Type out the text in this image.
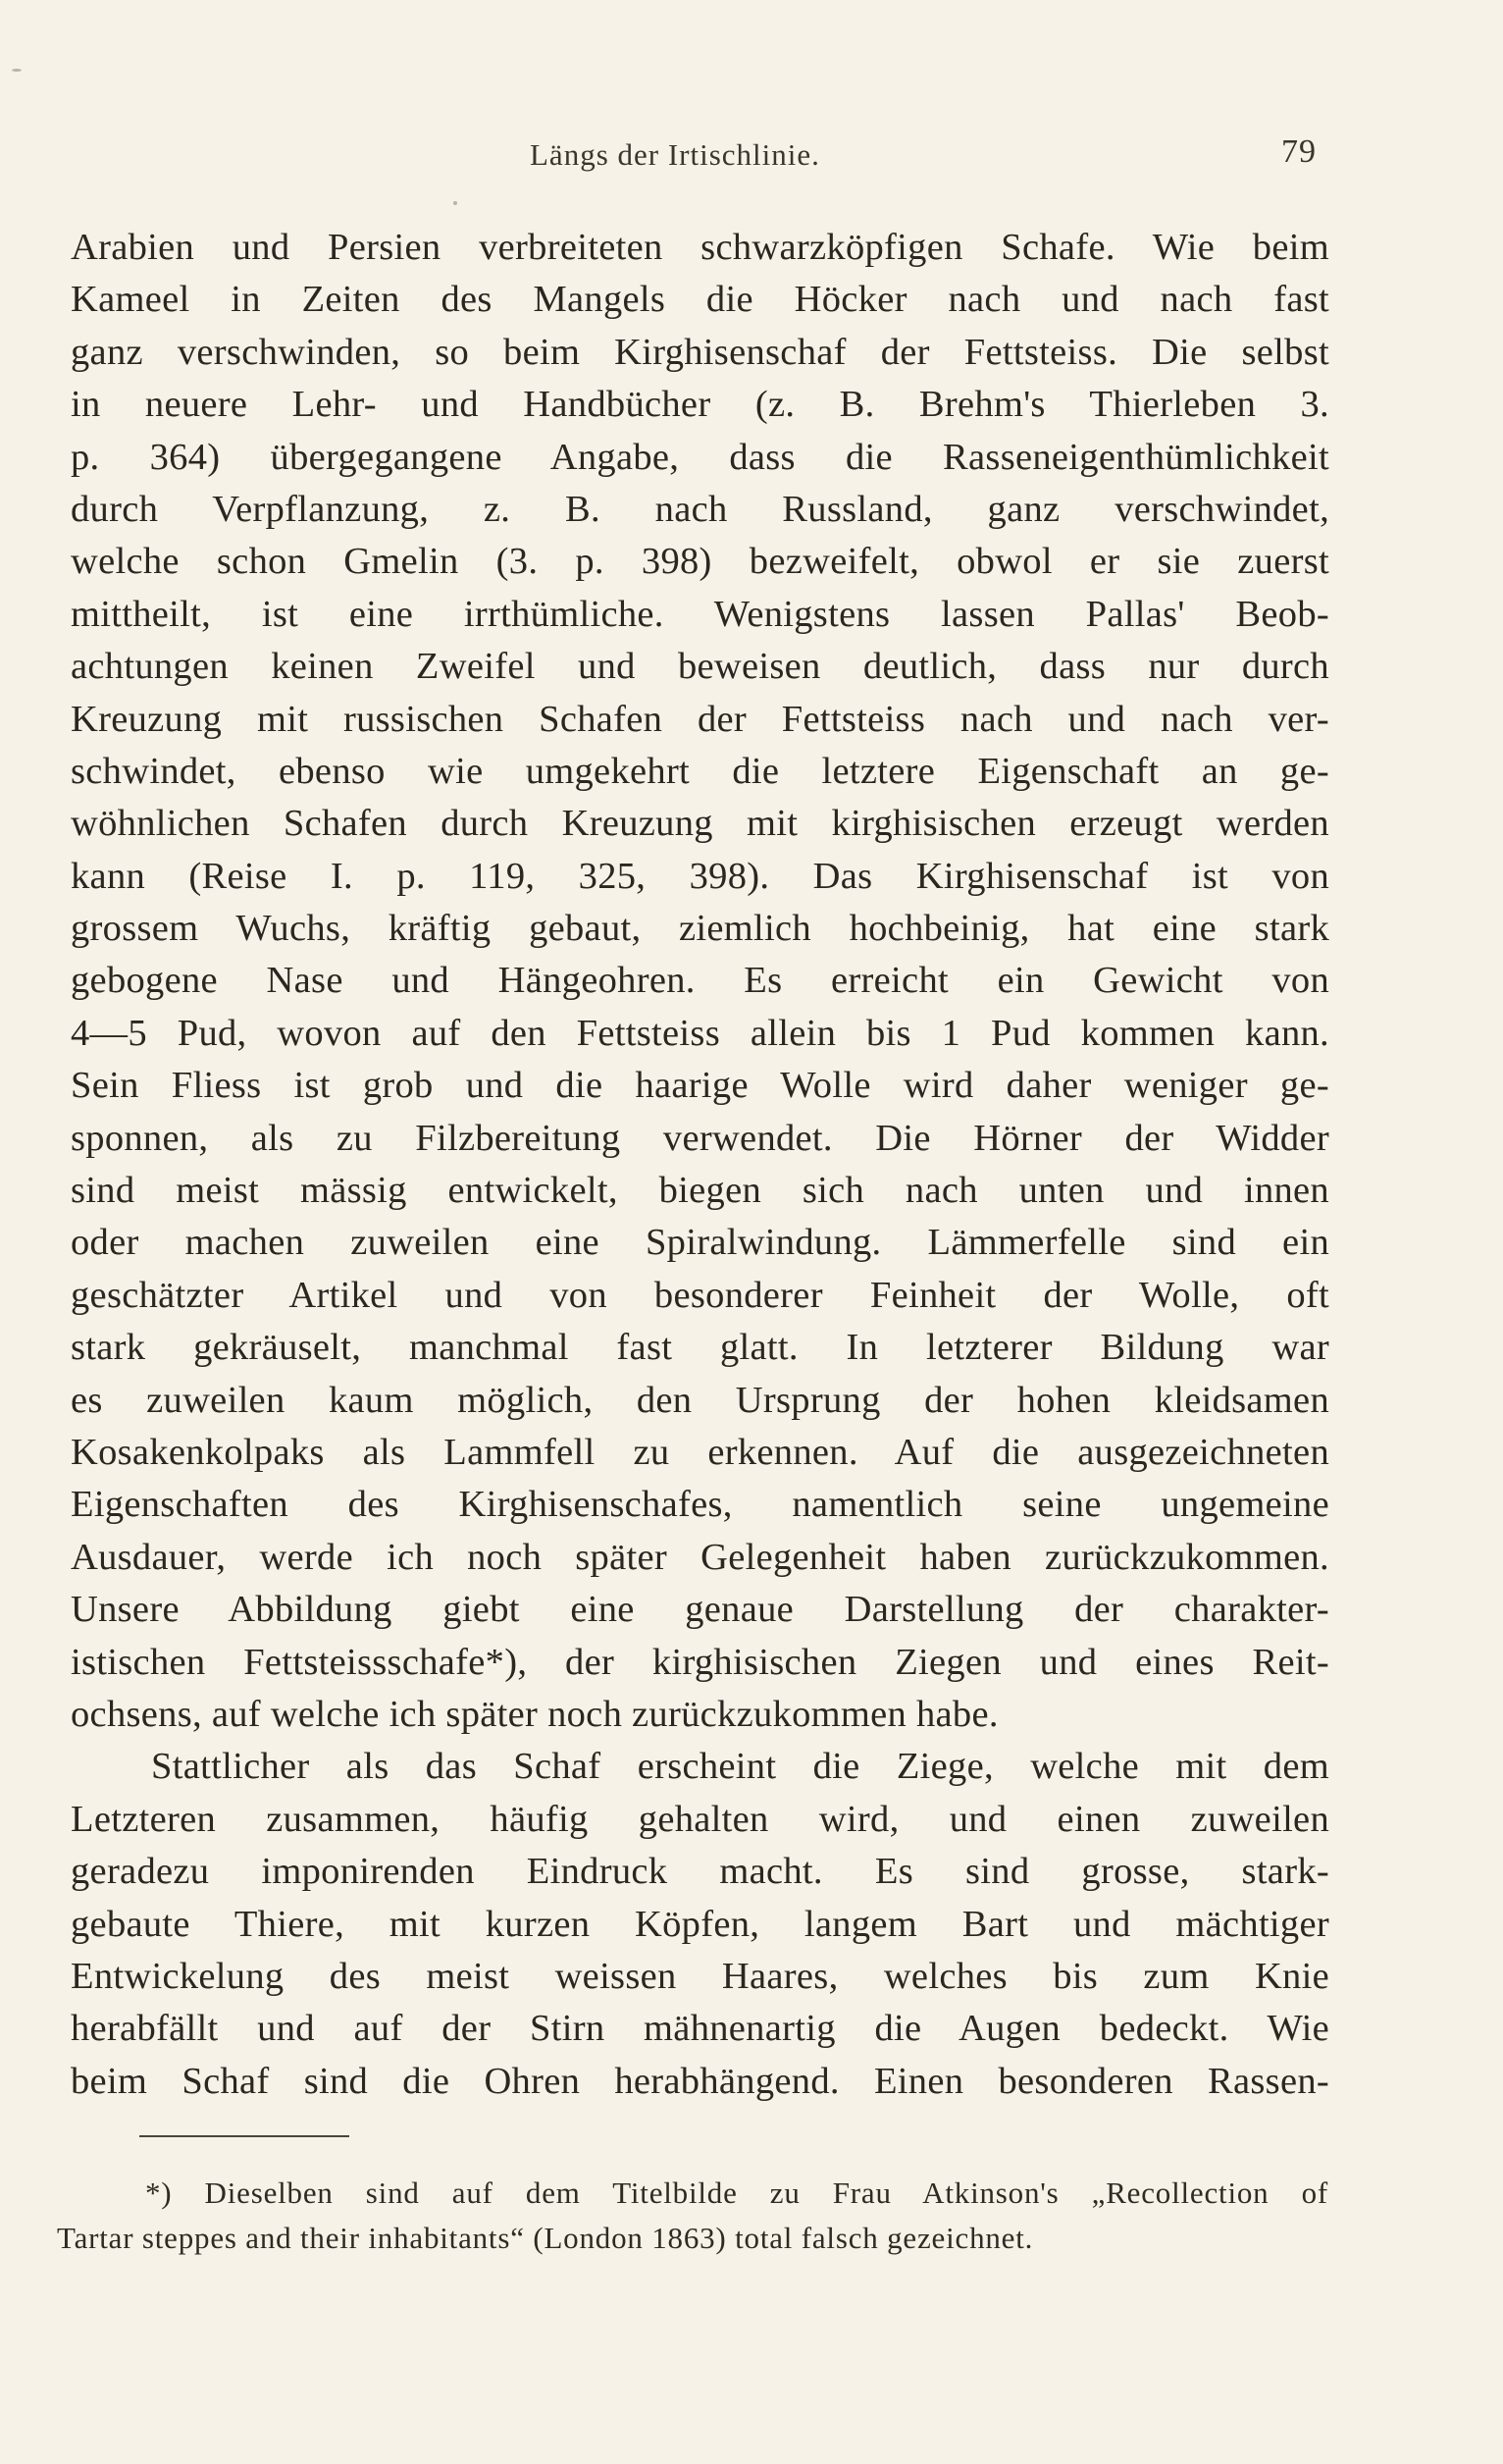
Längs der Irtischlinie.	79
Arabien und Persien verbreiteten schwarzköpfigen Schafe. Wie beim
Kameel in Zeiten des Mangels die Höcker nach und nach fast
ganz verschwinden, so beim Kirghisenschaf der Fettsteiss. Die selbst
in neuere Lehr- und Handbücher (z. B. Brehm's Thierleben 3.
p. 364) übergegangene Angabe, dass die Rasseneigenthümlichkeit
durch Verpflanzung, z. B. nach Russland, ganz verschwindet,
welche schon Gmelin (3. p. 398) bezweifelt, obwol er sie zuerst
mittheilt, ist eine irrthümliche. Wenigstens lassen Pallas' Beob-
achtungen keinen Zweifel und beweisen deutlich, dass nur durch
Kreuzung mit russischen Schafen der Fettsteiss nach und nach ver-
schwindet, ebenso wie umgekehrt die letztere Eigenschaft an ge-
wöhnlichen Schafen durch Kreuzung mit kirghisischen erzeugt werden
kann (Reise I. p. 119, 325, 398). Das Kirghisenschaf ist von
grossem Wuchs, kräftig gebaut, ziemlich hochbeinig, hat eine stark
gebogene Nase und Hängeohren. Es erreicht ein Gewicht von
4—5 Pud, wovon auf den Fettsteiss allein bis 1 Pud kommen kann.
Sein Fliess ist grob und die haarige Wolle wird daher weniger ge-
sponnen, als zu Filzbereitung verwendet. Die Hörner der Widder
sind meist mässig entwickelt, biegen sich nach unten und innen
oder machen zuweilen eine Spiralwindung. Lämmerfelle sind ein
geschätzter Artikel und von besonderer Feinheit der Wolle, oft
stark gekräuselt, manchmal fast glatt. In letzterer Bildung war
es zuweilen kaum möglich, den Ursprung der hohen kleidsamen
Kosakenkolpaks als Lammfell zu erkennen. Auf die ausgezeichneten
Eigenschaften des Kirghisenschafes, namentlich seine ungemeine
Ausdauer, werde ich noch später Gelegenheit haben zurückzukommen.
Unsere Abbildung giebt eine genaue Darstellung der charakter-
istischen Fettsteissschafe*), der kirghisischen Ziegen und eines Reit-
ochsens, auf welche ich später noch zurückzukommen habe.
Stattlicher als das Schaf erscheint die Ziege, welche mit dem
Letzteren zusammen, häufig gehalten wird, und einen zuweilen
geradezu imponirenden Eindruck macht. Es sind grosse, stark-
gebaute Thiere, mit kurzen Köpfen, langem Bart und mächtiger
Entwickelung des meist weissen Haares, welches bis zum Knie
herabfällt und auf der Stirn mähnenartig die Augen bedeckt. Wie
beim Schaf sind die Ohren herabhängend. Einen besonderen Rassen-
*) Dieselben sind auf dem Titelbilde zu Frau Atkinson's „Recollection of
Tartar steppes and their inhabitants“ (London 1863) total falsch gezeichnet.
